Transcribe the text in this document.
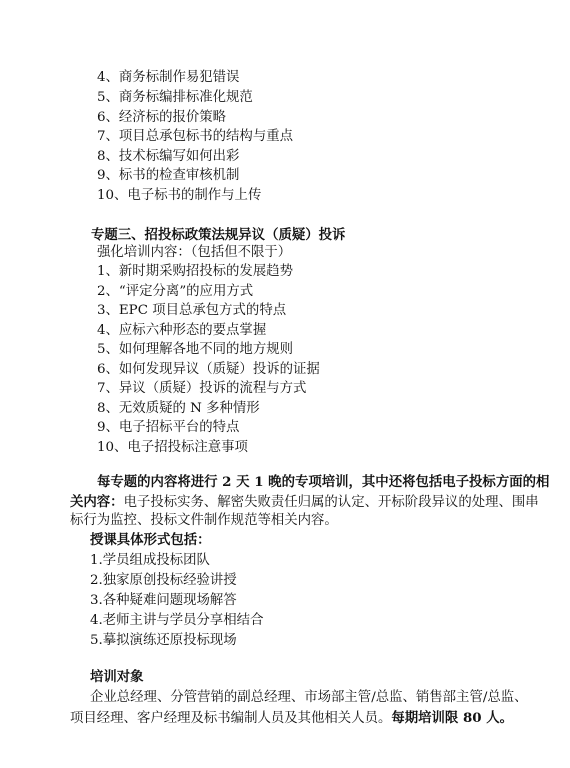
4、商务标制作易犯错误
5、商务标编排标准化规范
6、经济标的报价策略
7、项目总承包标书的结构与重点
8、技术标编写如何出彩
9、标书的检查审核机制
10、电子标书的制作与上传
专题三、招投标政策法规异议（质疑）投诉
强化培训内容：（包括但不限于）
1、新时期采购招投标的发展趋势
2、“评定分离”的应用方式
3、EPC 项目总承包方式的特点
4、应标六种形态的要点掌握
5、如何理解各地不同的地方规则
6、如何发现异议（质疑）投诉的证据
7、异议（质疑）投诉的流程与方式
8、无效质疑的 N 多种情形
9、电子招标平台的特点
10、电子招投标注意事项
每专题的内容将进行 2 天 1 晚的专项培训，其中还将包括电子投标方面的相
关内容：电子投标实务、解密失败责任归属的认定、开标阶段异议的处理、围串
标行为监控、投标文件制作规范等相关内容。
授课具体形式包括：
1.学员组成投标团队
2.独家原创投标经验讲授
3.各种疑难问题现场解答
4.老师主讲与学员分享相结合
5.摹拟演练还原投标现场
培训对象
企业总经理、分管营销的副总经理、市场部主管/总监、销售部主管/总监、
项目经理、客户经理及标书编制人员及其他相关人员。每期培训限 80 人。
